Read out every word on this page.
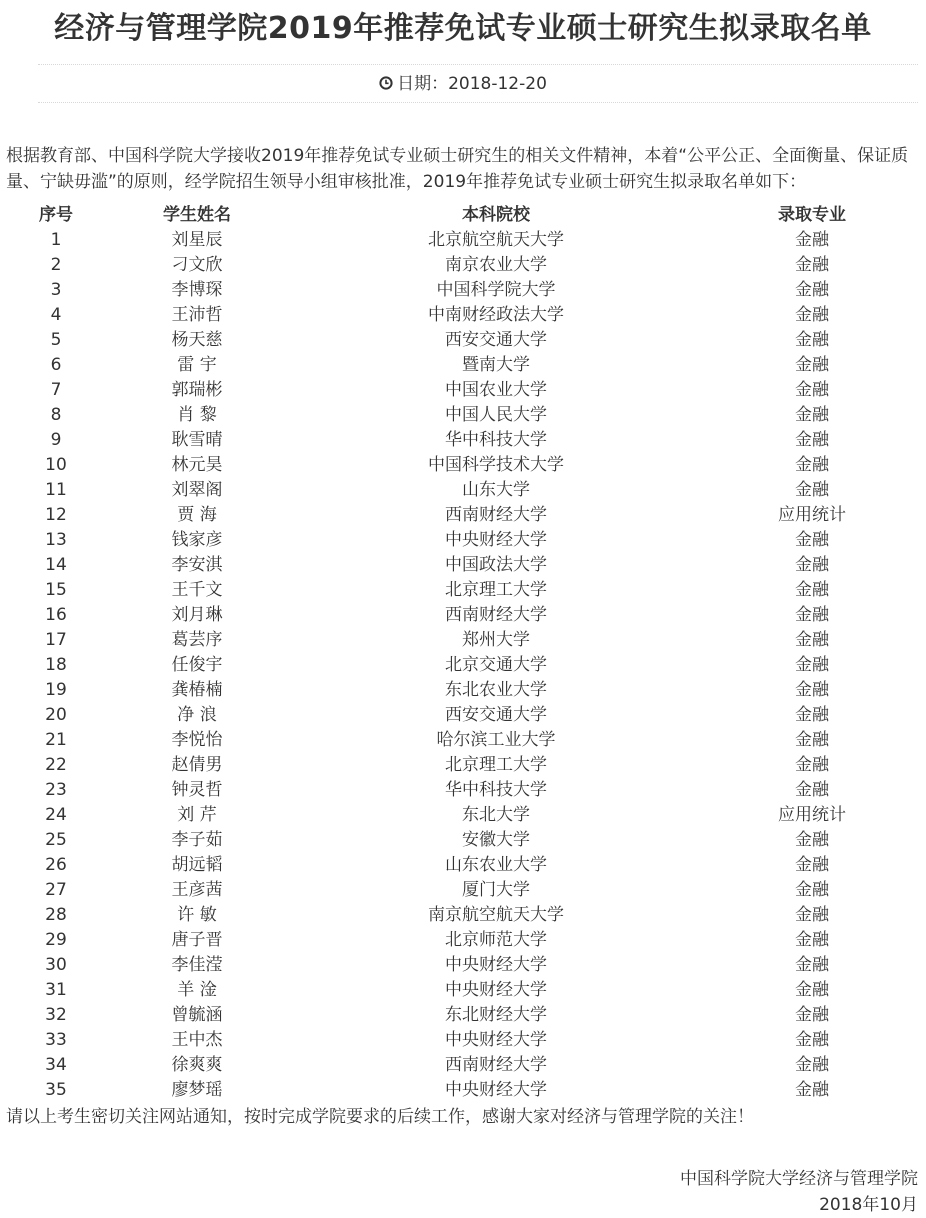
经济与管理学院2019年推荐免试专业硕士研究生拟录取名单
日期：2018-12-20

根据教育部、中国科学院大学接收2019年推荐免试专业硕士研究生的相关文件精神，本着“公平公正、全面衡量、保证质量、宁缺毋滥”的原则，经学院招生领导小组审核批准，2019年推荐免试专业硕士研究生拟录取名单如下：

序号	学生姓名	本科院校	录取专业
1	刘星辰	北京航空航天大学	金融
2	刁文欣	南京农业大学	金融
3	李博琛	中国科学院大学	金融
4	王沛哲	中南财经政法大学	金融
5	杨天慈	西安交通大学	金融
6	雷 宇	暨南大学	金融
7	郭瑞彬	中国农业大学	金融
8	肖 黎	中国人民大学	金融
9	耿雪晴	华中科技大学	金融
10	林元昊	中国科学技术大学	金融
11	刘翠阁	山东大学	金融
12	贾 海	西南财经大学	应用统计
13	钱家彦	中央财经大学	金融
14	李安淇	中国政法大学	金融
15	王千文	北京理工大学	金融
16	刘月琳	西南财经大学	金融
17	葛芸序	郑州大学	金融
18	任俊宇	北京交通大学	金融
19	龚椿楠	东北农业大学	金融
20	净 浪	西安交通大学	金融
21	李悦怡	哈尔滨工业大学	金融
22	赵倩男	北京理工大学	金融
23	钟灵哲	华中科技大学	金融
24	刘 芹	东北大学	应用统计
25	李子茹	安徽大学	金融
26	胡远韬	山东农业大学	金融
27	王彦茜	厦门大学	金融
28	许 敏	南京航空航天大学	金融
29	唐子晋	北京师范大学	金融
30	李佳滢	中央财经大学	金融
31	羊 淦	中央财经大学	金融
32	曾毓涵	东北财经大学	金融
33	王中杰	中央财经大学	金融
34	徐爽爽	西南财经大学	金融
35	廖梦瑶	中央财经大学	金融

请以上考生密切关注网站通知，按时完成学院要求的后续工作，感谢大家对经济与管理学院的关注！

中国科学院大学经济与管理学院
2018年10月
